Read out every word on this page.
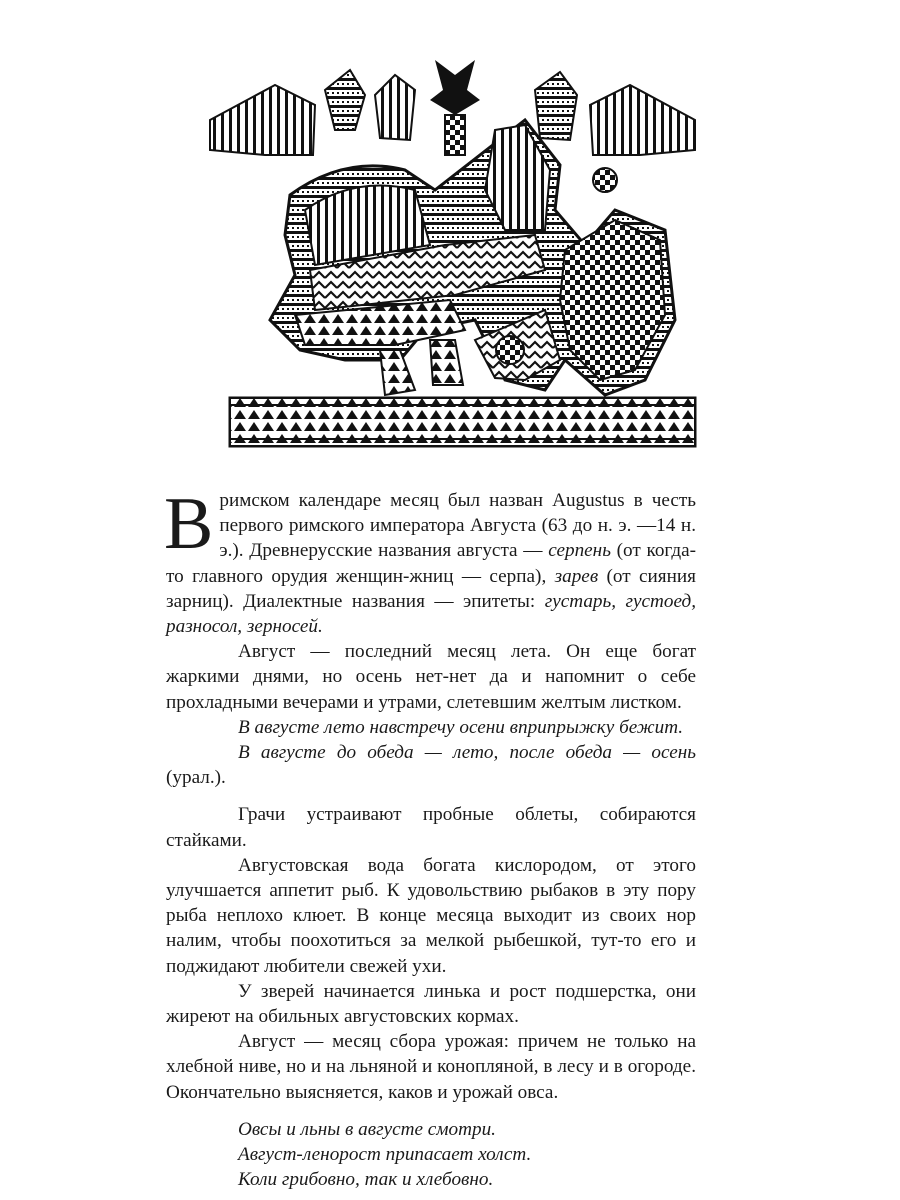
Вримском календаре месяц был назван Augustus в честь первого римского императора Августа (63 до н. э. —14 н. э.). Древнерусские названия августа — серпень (от когда-то главного орудия женщин-жниц — серпа), зарев (от сияния зарниц). Диалектные названия — эпитеты: густарь, густоед, разносол, зерносей.

Август — последний месяц лета. Он еще богат жаркими днями, но осень нет-нет да и напомнит о себе прохладными вечерами и утрами, слетевшим желтым листком.

В августе лето навстречу осени вприпрыжку бежит.

В августе до обеда — лето, после обеда — осень (урал.).

Грачи устраивают пробные облеты, собираются стайками.

Августовская вода богата кислородом, от этого улучшается аппетит рыб. К удовольствию рыбаков в эту пору рыба неплохо клюет. В конце месяца выходит из своих нор налим, чтобы поохотиться за мелкой рыбешкой, тут-то его и поджидают любители свежей ухи.

У зверей начинается линька и рост подшерстка, они жиреют на обильных августовских кормах.

Август — месяц сбора урожая: причем не только на хлебной ниве, но и на льняной и конопляной, в лесу и в огороде. Окончательно выясняется, каков и урожай овса.

Овсы и льны в августе смотри.

Август-ленорост припасает холст.

Коли грибовно, так и хлебовно.
